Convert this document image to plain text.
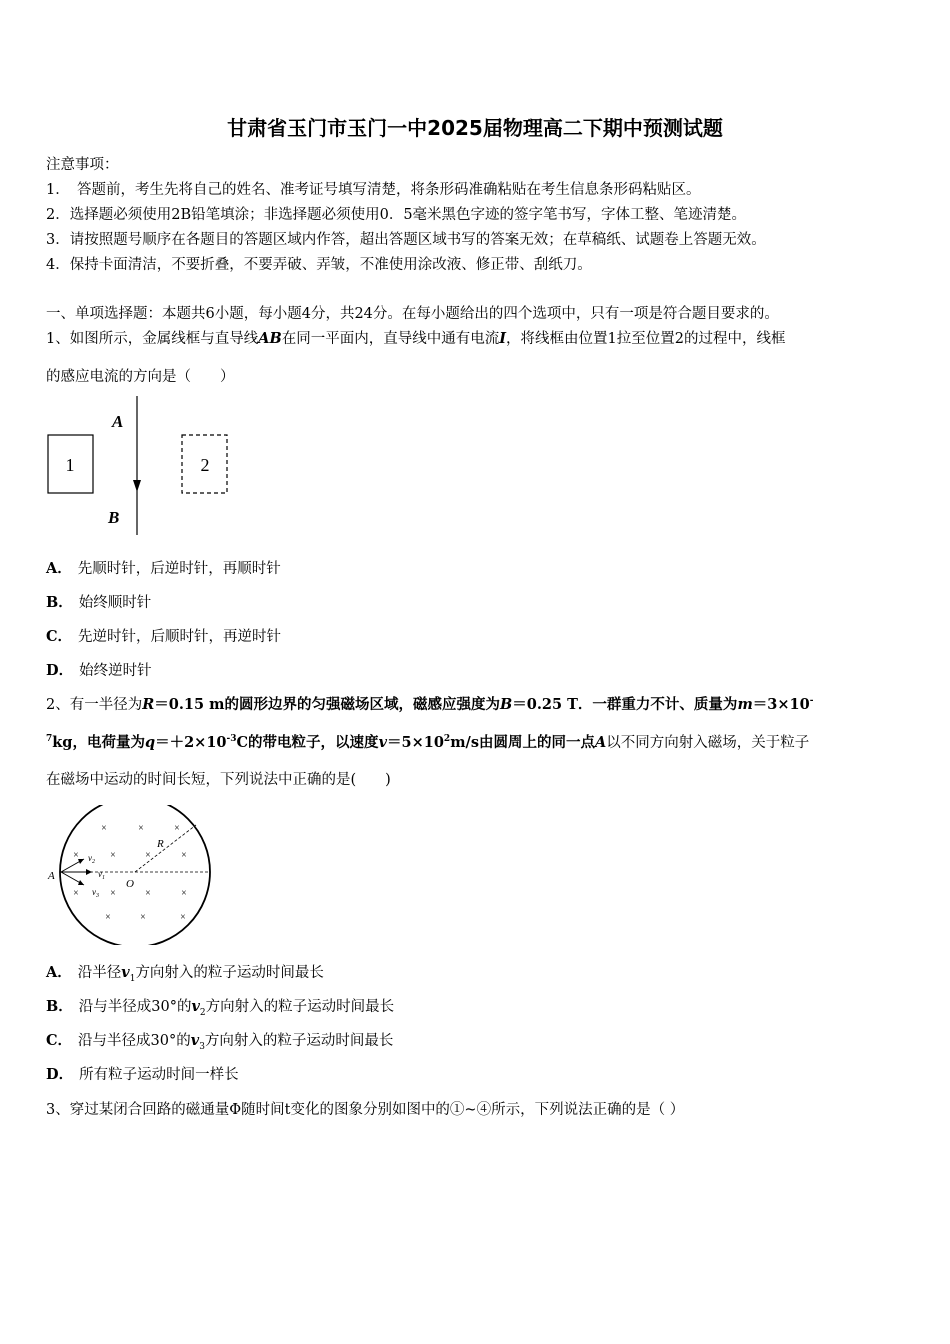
甘肃省玉门市玉门一中2025届物理高二下期中预测试题
注意事项：
1．　答题前，考生先将自己的姓名、准考证号填写清楚，将条形码准确粘贴在考生信息条形码粘贴区。
2．选择题必须使用2B铅笔填涂；非选择题必须使用0．5毫米黑色字迹的签字笔书写，字体工整、笔迹清楚。
3．请按照题号顺序在各题目的答题区域内作答，超出答题区域书写的答案无效；在草稿纸、试题卷上答题无效。
4．保持卡面清洁，不要折叠，不要弄破、弄皱，不准使用涂改液、修正带、刮纸刀。
一、单项选择题：本题共6小题，每小题4分，共24分。在每小题给出的四个选项中，只有一项是符合题目要求的。
1、如图所示，金属线框与直导线AB在同一平面内，直导线中通有电流I，将线框由位置1拉至位置2的过程中，线框
的感应电流的方向是（　　）
1
A
B
2
A． 先顺时针，后逆时针，再顺时针
B． 始终顺时针
C． 先逆时针，后顺时针，再逆时针
D． 始终逆时针
2、有一半径为R＝0.15 m的圆形边界的匀强磁场区域，磁感应强度为B＝0.25 T．一群重力不计、质量为m＝3×10-
$^7$kg，电荷量为$q=+2\times 10^{-3}C$的带电粒子，以速度$v=5\times 10^2m/s$由圆周上的同一点A以不同方向射入磁场，关于粒子
在磁场中运动的时间长短，下列说法中正确的是(　　)
R
O
A
$v_2$
$v_1$
$v_3$
×	×	×
×	×	×	×
×	×	×	×
×	×	×
A． 沿半径$v_1$方向射入的粒子运动时间最长
B． 沿与半径成30°的$v_2$方向射入的粒子运动时间最长
C． 沿与半径成30°的$v_3$方向射入的粒子运动时间最长
D． 所有粒子运动时间一样长
3、穿过某闭合回路的磁通量Φ随时间t变化的图象分别如图中的①~④所示，下列说法正确的是（ ）
